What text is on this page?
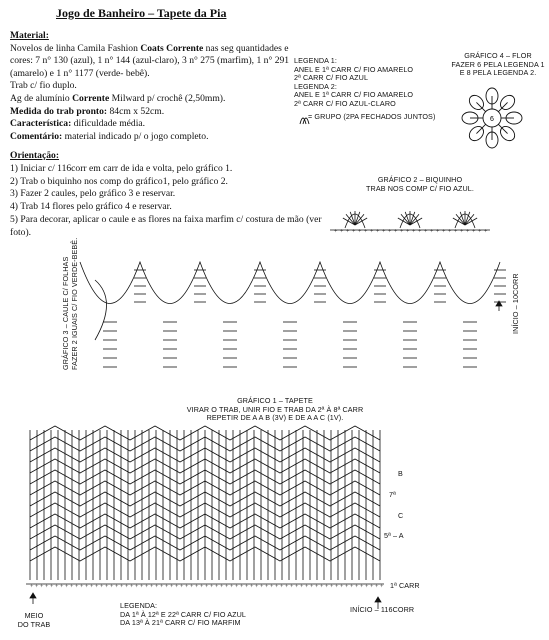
Jogo de Banheiro – Tapete da Pia
Material:
Novelos de linha Camila Fashion Coats Corrente nas seg quantidades e cores: 7 n° 130 (azul), 1 n° 144 (azul-claro), 3 n° 275 (marfim), 1 n° 291 (amarelo) e 1 n° 1177 (verde- bebê).
Trab c/ fio duplo.
Ag de alumínio Corrente Milward p/ crochê (2,50mm).
Medida do trab pronto: 84cm x 52cm.
Característica: dificuldade média.
Comentário: material indicado p/ o jogo completo.
Orientação:
1) Iniciar c/ 116corr em carr de ida e volta, pelo gráfico 1.
2) Trab o biquinho nos comp do gráfico1, pelo gráfico 2.
3) Fazer 2 caules, pelo gráfico 3 e reservar.
4) Trab 14 flores pelo gráfico 4 e reservar.
5) Para decorar, aplicar o caule e as flores na faixa marfim c/ costura de mão (ver foto).
LEGENDA 1:
ANEL E 1ª CARR C/ FIO AMARELO
2ª CARR C/ FIO AZUL
LEGENDA 2:
ANEL E 1ª CARR C/ FIO AMARELO
2ª CARR C/ FIO AZUL-CLARO
= GRUPO (2PA FECHADOS JUNTOS)
GRÁFICO 4 – FLOR
FAZER 6 PELA LEGENDA 1
E 8 PELA LEGENDA 2.
GRÁFICO 2 – BIQUINHO
TRAB NOS COMP C/ FIO AZUL.
GRÁFICO 3 – CAULE C/ FOLHAS FAZER 2 IGUAIS C/ FIO VERDE-BEBÊ.	INÍCIO – 10CORR
GRÁFICO 1 – TAPETE
VIRAR O TRAB, UNIR FIO E TRAB DA 2ª À 8ª CARR
REPETIR DE A A B (3V) E DE A A C (1V).
B
7ª
C
5ª – A
1ª CARR
MEIO
DO TRAB
LEGENDA:
DA 1ª À 12ª E 22ª CARR C/ FIO AZUL
DA 13ª À 21ª CARR C/ FIO MARFIM
INÍCIO – 116CORR
6
+ + + + + + + + + + + + + + + + + + + + + + + + + +
+ + + + + + + + + + + + + + + + + + + + + + + + + + + + + + + + + + + + + + + + + + + + + + + + + + + + + + + + + + + + + + + + + + + + + + +
